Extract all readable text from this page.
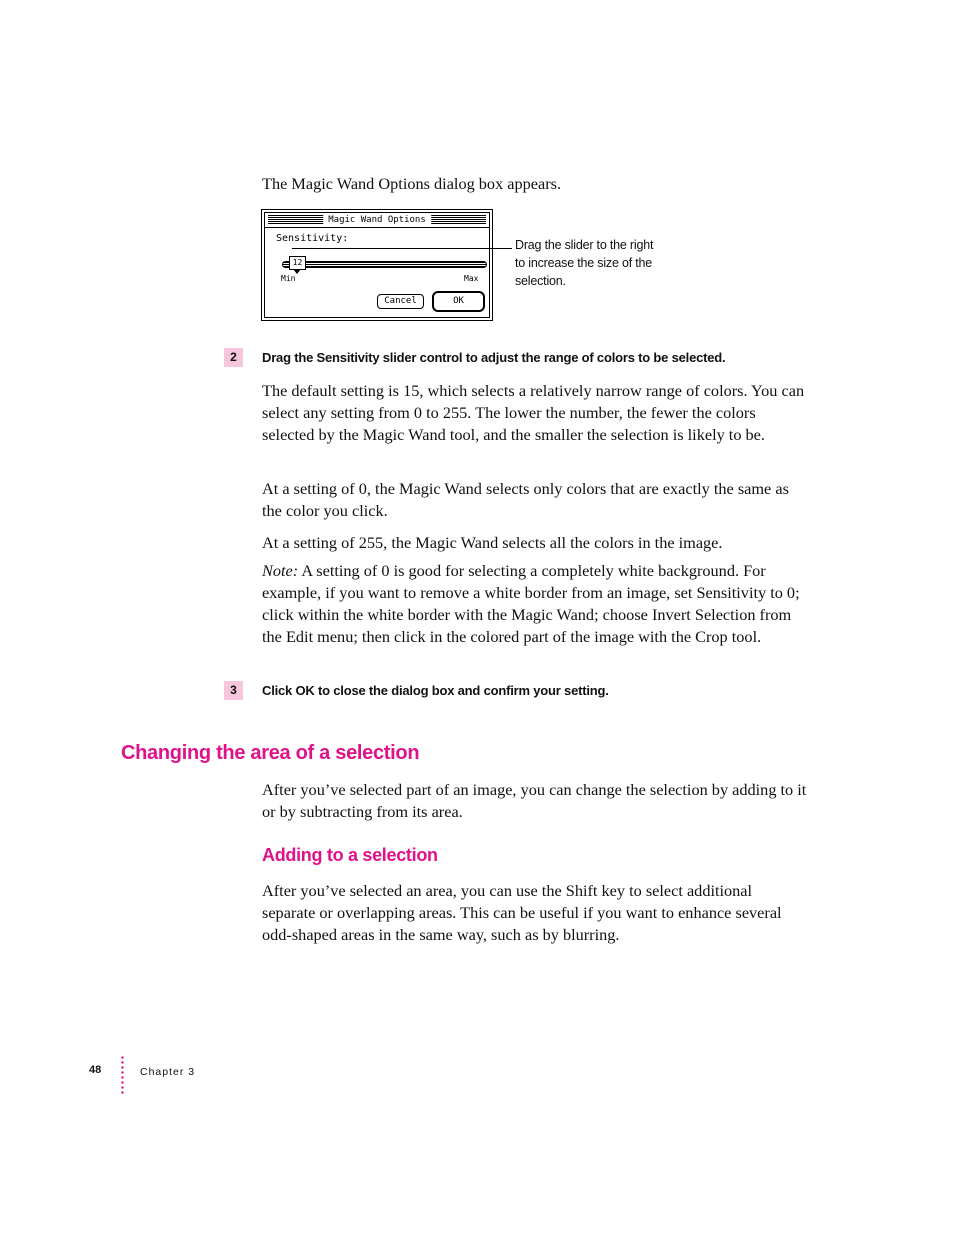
The Magic Wand Options dialog box appears.

Magic Wand Options
Sensitivity:
12
Min	Max
Cancel	OK
Drag the slider to the right to increase the size of the selection.
2	Drag the Sensitivity slider control to adjust the range of colors to be selected.

The default setting is 15, which selects a relatively narrow range of colors. You can select any setting from 0 to 255. The lower the number, the fewer the colors selected by the Magic Wand tool, and the smaller the selection is likely to be.

At a setting of 0, the Magic Wand selects only colors that are exactly the same as the color you click.

At a setting of 255, the Magic Wand selects all the colors in the image.

Note: A setting of 0 is good for selecting a completely white background. For example, if you want to remove a white border from an image, set Sensitivity to 0; click within the white border with the Magic Wand; choose Invert Selection from the Edit menu; then click in the colored part of the image with the Crop tool.

3	Click OK to close the dialog box and confirm your setting.
Changing the area of a selection

After you’ve selected part of an image, you can change the selection by adding to it or by subtracting from its area.

Adding to a selection

After you’ve selected an area, you can use the Shift key to select additional separate or overlapping areas. This can be useful if you want to enhance several odd-shaped areas in the same way, such as by blurring.

48	Chapter 3
